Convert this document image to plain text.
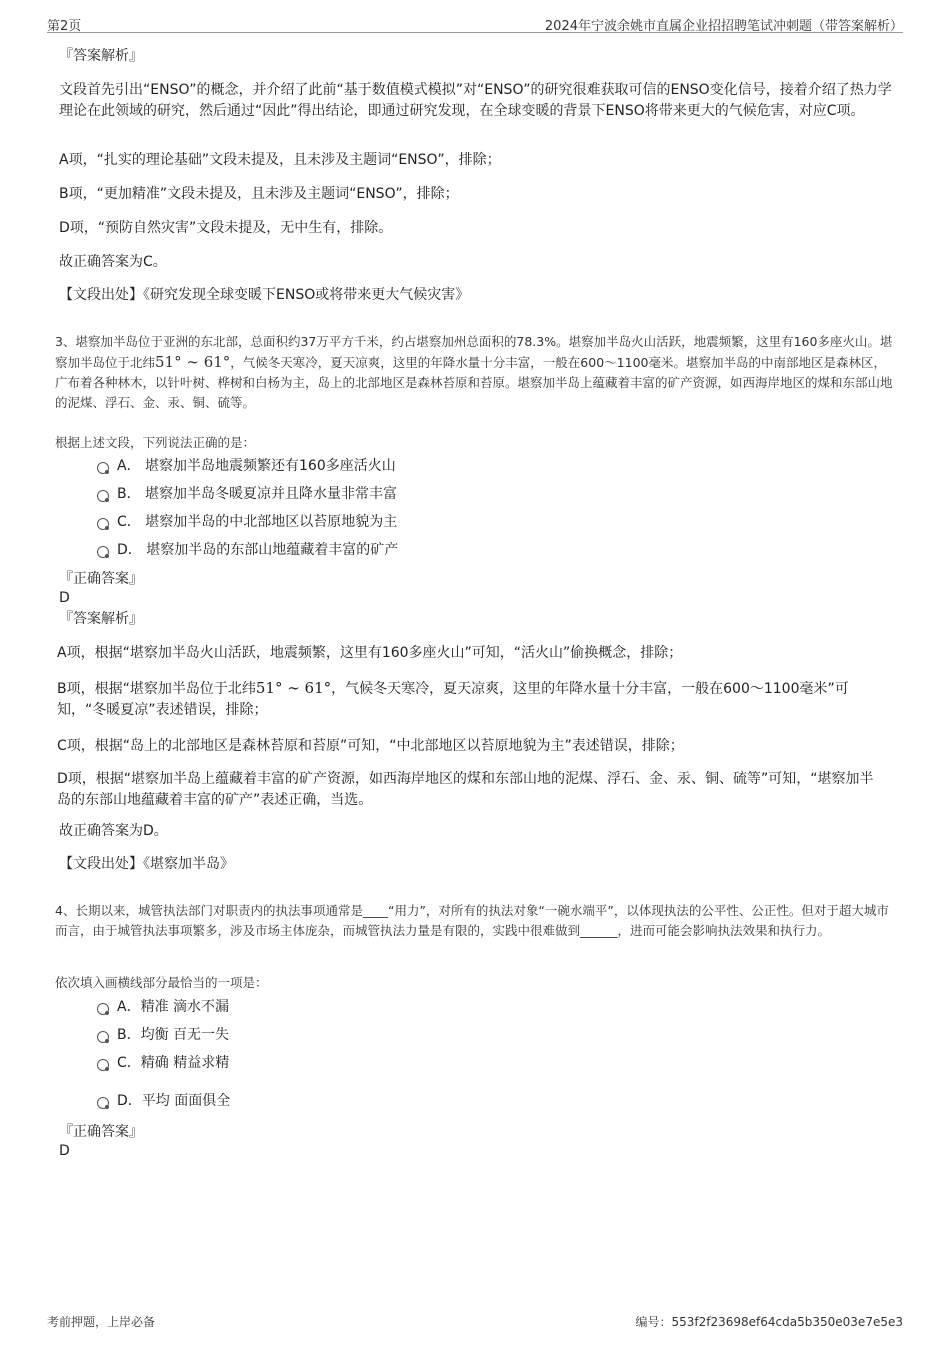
第2页	2024年宁波余姚市直属企业招招聘笔试冲刺题（带答案解析）

『答案解析』

文段首先引出“ENSO”的概念，并介绍了此前“基于数值模式模拟”对“ENSO”的研究很难获取可信的ENSO变化信号，接着介绍了热力学理论在此领域的研究，然后通过“因此”得出结论，即通过研究发现，在全球变暖的背景下ENSO将带来更大的气候危害，对应C项。

A项，“扎实的理论基础”文段未提及，且未涉及主题词“ENSO”，排除；

B项，“更加精准”文段未提及，且未涉及主题词“ENSO”，排除；

D项，“预防自然灾害”文段未提及，无中生有，排除。

故正确答案为C。

【文段出处】《研究发现全球变暖下ENSO或将带来更大气候灾害》

3、堪察加半岛位于亚洲的东北部，总面积约37万平方千米，约占堪察加州总面积的78.3%。堪察加半岛火山活跃，地震频繁，这里有160多座火山。堪察加半岛位于北纬51° ∼ 61°，气候冬天寒冷，夏天凉爽，这里的年降水量十分丰富，一般在600～1100毫米。堪察加半岛的中南部地区是森林区，广布着各种林木，以针叶树、桦树和白杨为主，岛上的北部地区是森林苔原和苔原。堪察加半岛上蕴藏着丰富的矿产资源，如西海岸地区的煤和东部山地的泥煤、浮石、金、汞、铜、硫等。

根据上述文段，下列说法正确的是：

A． 堪察加半岛地震频繁还有160多座活火山
B． 堪察加半岛冬暖夏凉并且降水量非常丰富
C． 堪察加半岛的中北部地区以苔原地貌为主
D． 堪察加半岛的东部山地蕴藏着丰富的矿产

『正确答案』

D

『答案解析』

A项，根据“堪察加半岛火山活跃，地震频繁，这里有160多座火山”可知，“活火山”偷换概念，排除；

B项，根据“堪察加半岛位于北纬51° ∼ 61°，气候冬天寒冷，夏天凉爽，这里的年降水量十分丰富，一般在600～1100毫米”可知，“冬暖夏凉”表述错误，排除；

C项，根据“岛上的北部地区是森林苔原和苔原”可知，“中北部地区以苔原地貌为主”表述错误，排除；

D项，根据“堪察加半岛上蕴藏着丰富的矿产资源，如西海岸地区的煤和东部山地的泥煤、浮石、金、汞、铜、硫等”可知，“堪察加半岛的东部山地蕴藏着丰富的矿产”表述正确，当选。

故正确答案为D。

【文段出处】《堪察加半岛》

4、长期以来，城管执法部门对职责内的执法事项通常是____“用力”，对所有的执法对象“一碗水端平”，以体现执法的公平性、公正性。但对于超大城市而言，由于城管执法事项繁多，涉及市场主体庞杂，而城管执法力量是有限的，实践中很难做到______，进而可能会影响执法效果和执行力。

依次填入画横线部分最恰当的一项是：

A．精准 滴水不漏
B．均衡 百无一失
C．精确 精益求精
D．平均 面面俱全

『正确答案』

D

考前押题，上岸必备	编号：553f2f23698ef64cda5b350e03e7e5e3
